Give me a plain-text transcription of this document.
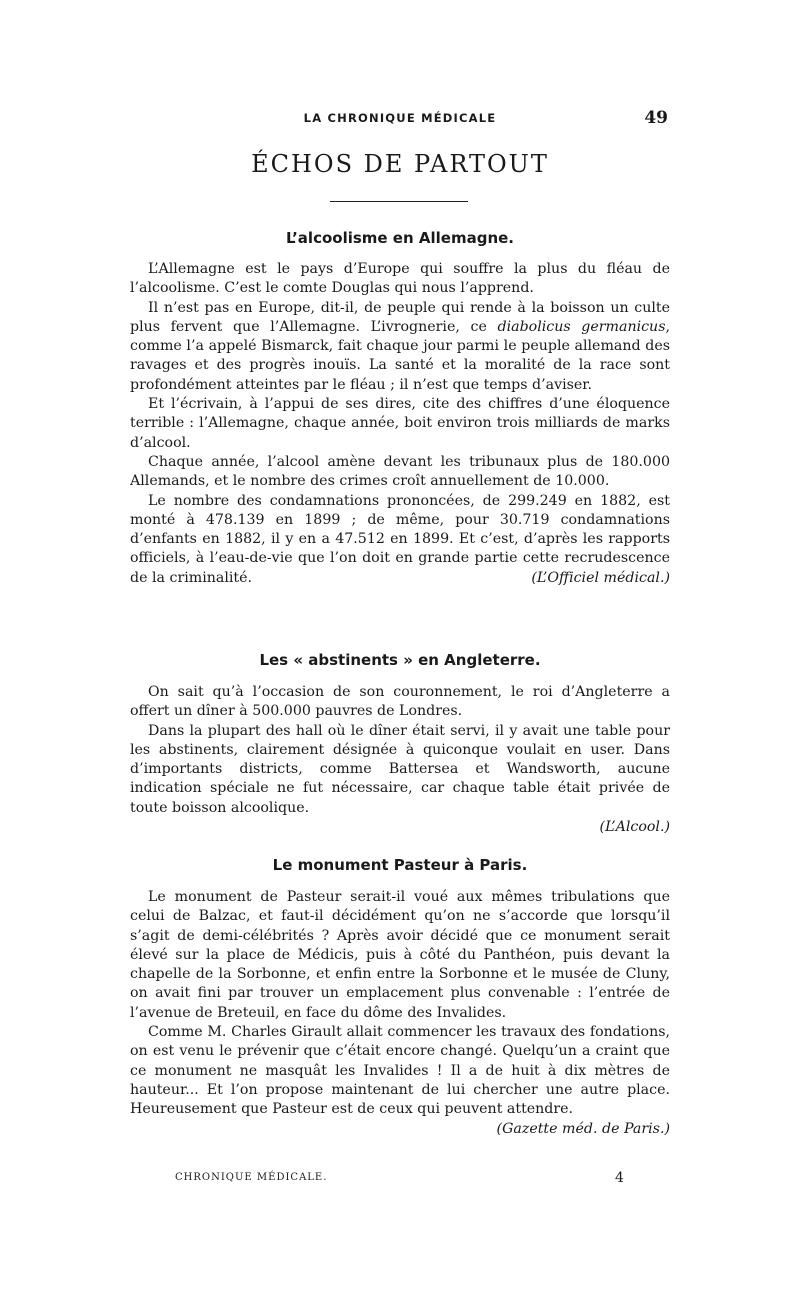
LA CHRONIQUE MÉDICALE	49
ÉCHOS DE PARTOUT
L’alcoolisme en Allemagne.

L’Allemagne est le pays d’Europe qui souffre la plus du fléau de l’alcoolisme. C’est le comte Douglas qui nous l’apprend.

Il n’est pas en Europe, dit-il, de peuple qui rende à la boisson un culte plus fervent que l’Allemagne. L’ivrognerie, ce diabolicus germanicus, comme l’a appelé Bismarck, fait chaque jour parmi le peuple allemand des ravages et des progrès inouïs. La santé et la moralité de la race sont profondément atteintes par le fléau ; il n’est que temps d’aviser.

Et l’écrivain, à l’appui de ses dires, cite des chiffres d’une éloquence terrible : l’Allemagne, chaque année, boit environ trois milliards de marks d’alcool.

Chaque année, l’alcool amène devant les tribunaux plus de 180.000 Allemands, et le nombre des crimes croît annuellement de 10.000.

Le nombre des condamnations prononcées, de 299.249 en 1882, est monté à 478.139 en 1899 ; de même, pour 30.719 condamnations d’enfants en 1882, il y en a 47.512 en 1899. Et c’est, d’après les rapports officiels, à l’eau-de-vie que l’on doit en grande partie cette recrudescence de la criminalité.	(L’Officiel médical.)

Les « abstinents » en Angleterre.

On sait qu’à l’occasion de son couronnement, le roi d’Angleterre a offert un dîner à 500.000 pauvres de Londres.

Dans la plupart des hall où le dîner était servi, il y avait une table pour les abstinents, clairement désignée à quiconque voulait en user. Dans d’importants districts, comme Battersea et Wandsworth, aucune indication spéciale ne fut nécessaire, car chaque table était privée de toute boisson alcoolique.

(L’Alcool.)
Le monument Pasteur à Paris.

Le monument de Pasteur serait-il voué aux mêmes tribulations que celui de Balzac, et faut-il décidément qu’on ne s’accorde que lorsqu’il s’agit de demi-célébrités ? Après avoir décidé que ce monument serait élevé sur la place de Médicis, puis à côté du Panthéon, puis devant la chapelle de la Sorbonne, et enfin entre la Sorbonne et le musée de Cluny, on avait fini par trouver un emplacement plus convenable : l’entrée de l’avenue de Breteuil, en face du dôme des Invalides.

Comme M. Charles Girault allait commencer les travaux des fondations, on est venu le prévenir que c’était encore changé. Quelqu’un a craint que ce monument ne masquât les Invalides ! Il a de huit à dix mètres de hauteur... Et l’on propose maintenant de lui chercher une autre place. Heureusement que Pasteur est de ceux qui peuvent attendre.
(Gazette méd. de Paris.)

CHRONIQUE MÉDICALE.	4
